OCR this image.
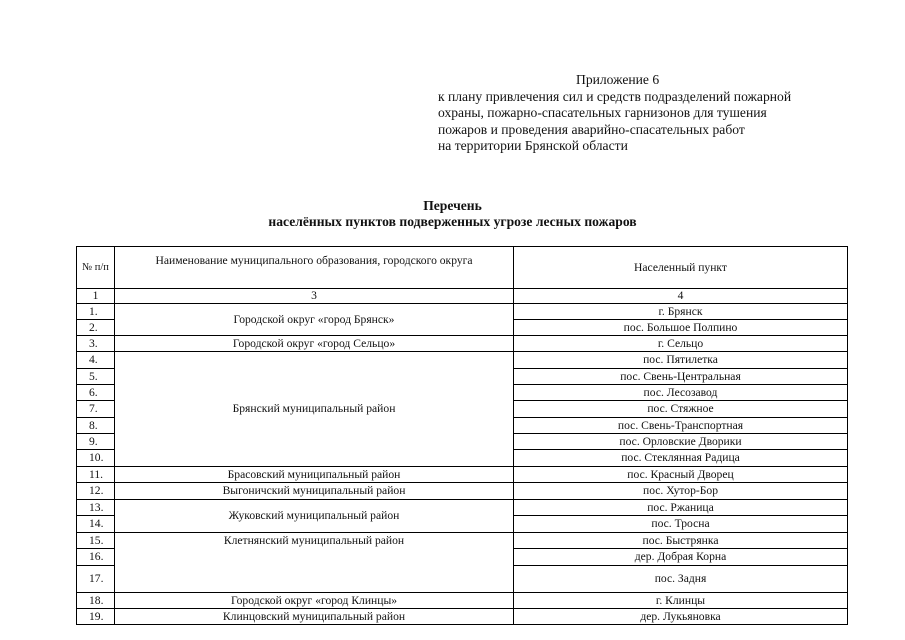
Приложение 6
к плану привлечения сил и средств подразделений пожарной
охраны, пожарно-спасательных гарнизонов для тушения
пожаров и проведения аварийно-спасательных работ
на территории Брянской области
Перечень
населённых пунктов подверженных угрозе лесных пожаров
№ п/п	Наименование муниципального образования, городского округа	Населенный пункт
1	3	4
1.	Городской округ «город Брянск»	г. Брянск
2.		пос. Большое Полпино
3.	Городской округ «город Сельцо»	г. Сельцо
4.	Брянский муниципальный район	пос. Пятилетка
5.		пос. Свень-Центральная
6.		пос. Лесозавод
7.		пос. Стяжное
8.		пос. Свень-Транспортная
9.		пос. Орловские Дворики
10.		пос. Стеклянная Радица
11.	Брасовский муниципальный район	пос. Красный Дворец
12.	Выгоничский муниципальный район	пос. Хутор-Бор
13.	Жуковский муниципальный район	пос. Ржаница
14.		пос. Тросна
15.	Клетнянский муниципальный район	пос. Быстрянка
16.		дер. Добрая Корна
17.		пос. Задня
18.	Городской округ «город Клинцы»	г. Клинцы
19.	Клинцовский муниципальный район	дер. Лукьяновка
